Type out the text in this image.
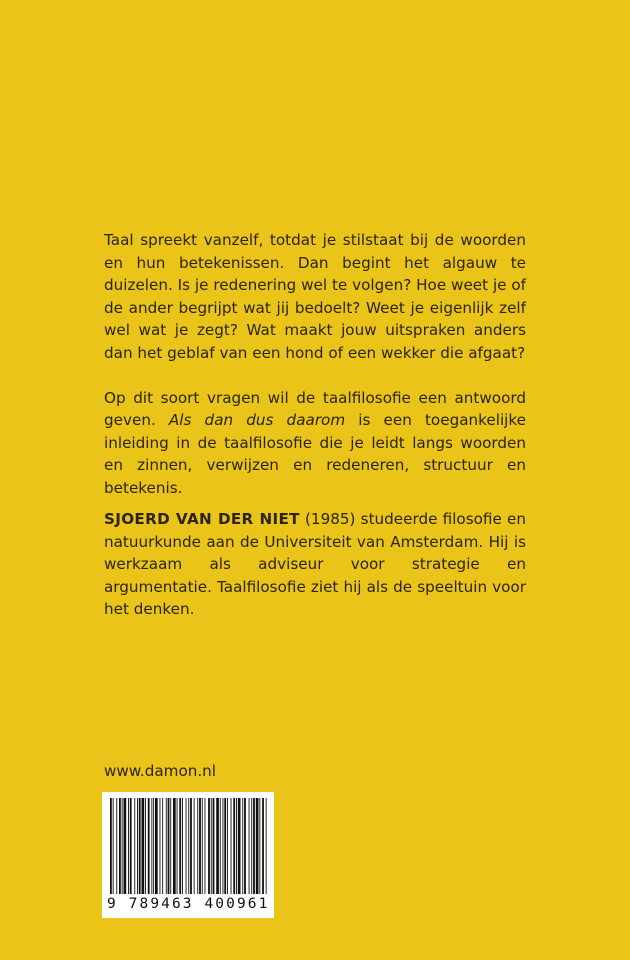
Taal spreekt vanzelf, totdat je stilstaat bij de woorden en hun betekenissen. Dan begint het algauw te duizelen. Is je redenering wel te volgen? Hoe weet je of de ander begrijpt wat jij bedoelt? Weet je eigenlijk zelf wel wat je zegt? Wat maakt jouw uitspraken anders dan het geblaf van een hond of een wekker die afgaat?

Op dit soort vragen wil de taalfilosofie een antwoord geven. Als dan dus daarom is een toegankelijke inleiding in de taalfilosofie die je leidt langs woorden en zinnen, verwijzen en redeneren, structuur en betekenis.

SJOERD VAN DER NIET (1985) studeerde filosofie en natuurkunde aan de Universiteit van Amsterdam. Hij is werkzaam als adviseur voor strategie en argumentatie. Taalfilosofie ziet hij als de speeltuin voor het denken.
www.damon.nl
9 789463 400961
